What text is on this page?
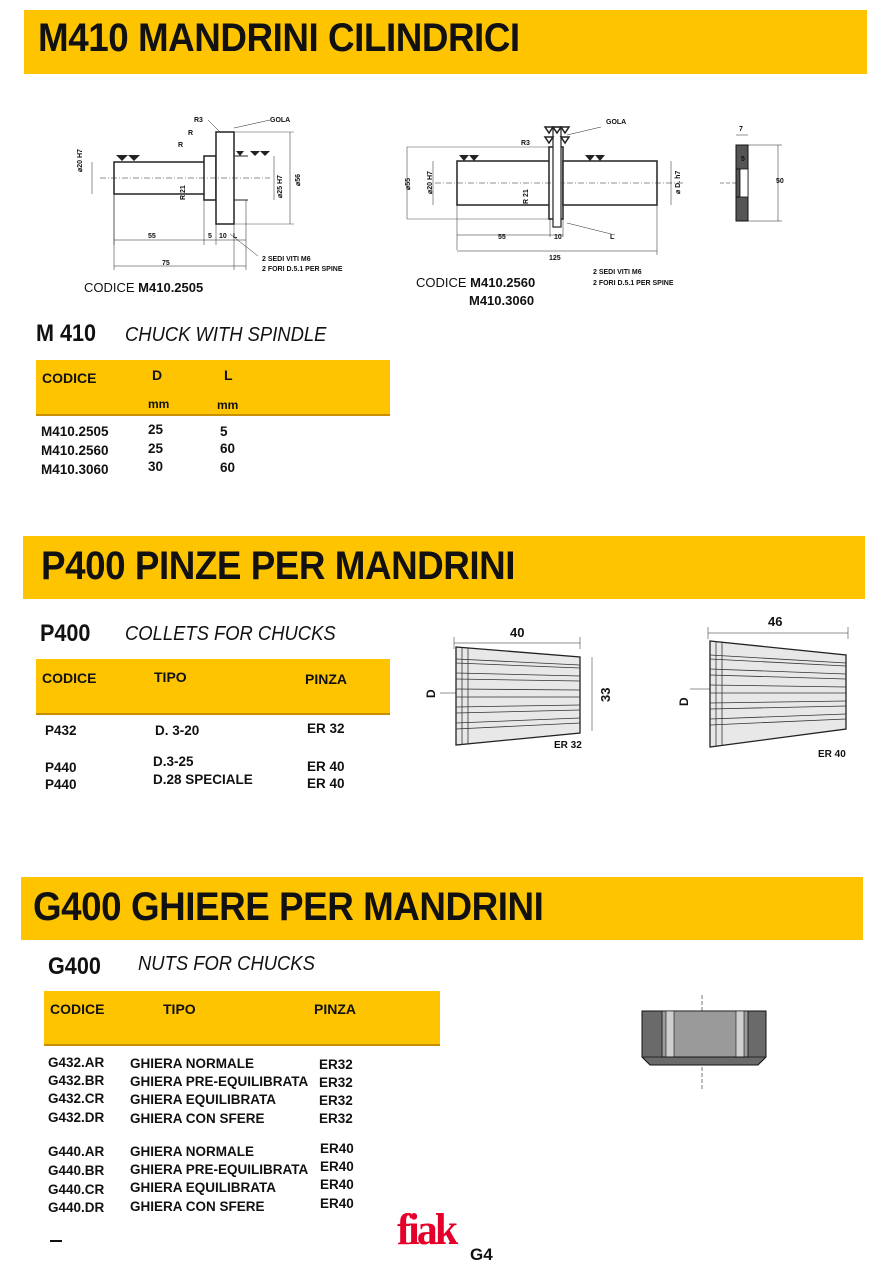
M410 MANDRINI CILINDRICI
R3	GOLA
R
R
⌀20 H7
⌀25 H7 ⌀56
R 21
55	5 10 L
75
2 SEDI VITI M6
2 FORI D.5.1 PER SPINE
CODICE M410.2505
R3
GOLA
⌀55 ⌀20 H7	⌀ D. h7
R 21
55	10	L
125
2 SEDI VITI M6
2 FORI D.5.1 PER SPINE
CODICE M410.2560
M410.3060
7
5
50
M 410 CHUCK WITH SPINDLE
CODICE	D	L
mm	mm
M410.2505	25	5
M410.2560	25	60
M410.3060	30	60
P400 PINZE PER MANDRINI
P400 COLLETS FOR CHUCKS
CODICE	TIPO	PINZA
P432	D. 3-20	ER 32
P440	D.3-25	ER 40
P440	D.28 SPECIALE	ER 40
40
33
D
ER 32
46
D
ER 40
G400 GHIERE PER MANDRINI
G400 NUTS FOR CHUCKS
CODICE	TIPO	PINZA
G432.AR GHIERA NORMALE	ER32
G432.BR GHIERA PRE-EQUILIBRATA ER32
G432.CR GHIERA EQUILIBRATA	ER32
G432.DR GHIERA CON SFERE	ER32
G440.AR GHIERA NORMALE	ER40
G440.BR GHIERA PRE-EQUILIBRATA ER40
G440.CR GHIERA EQUILIBRATA	ER40
G440.DR GHIERA CON SFERE	ER40
fiak
G4
